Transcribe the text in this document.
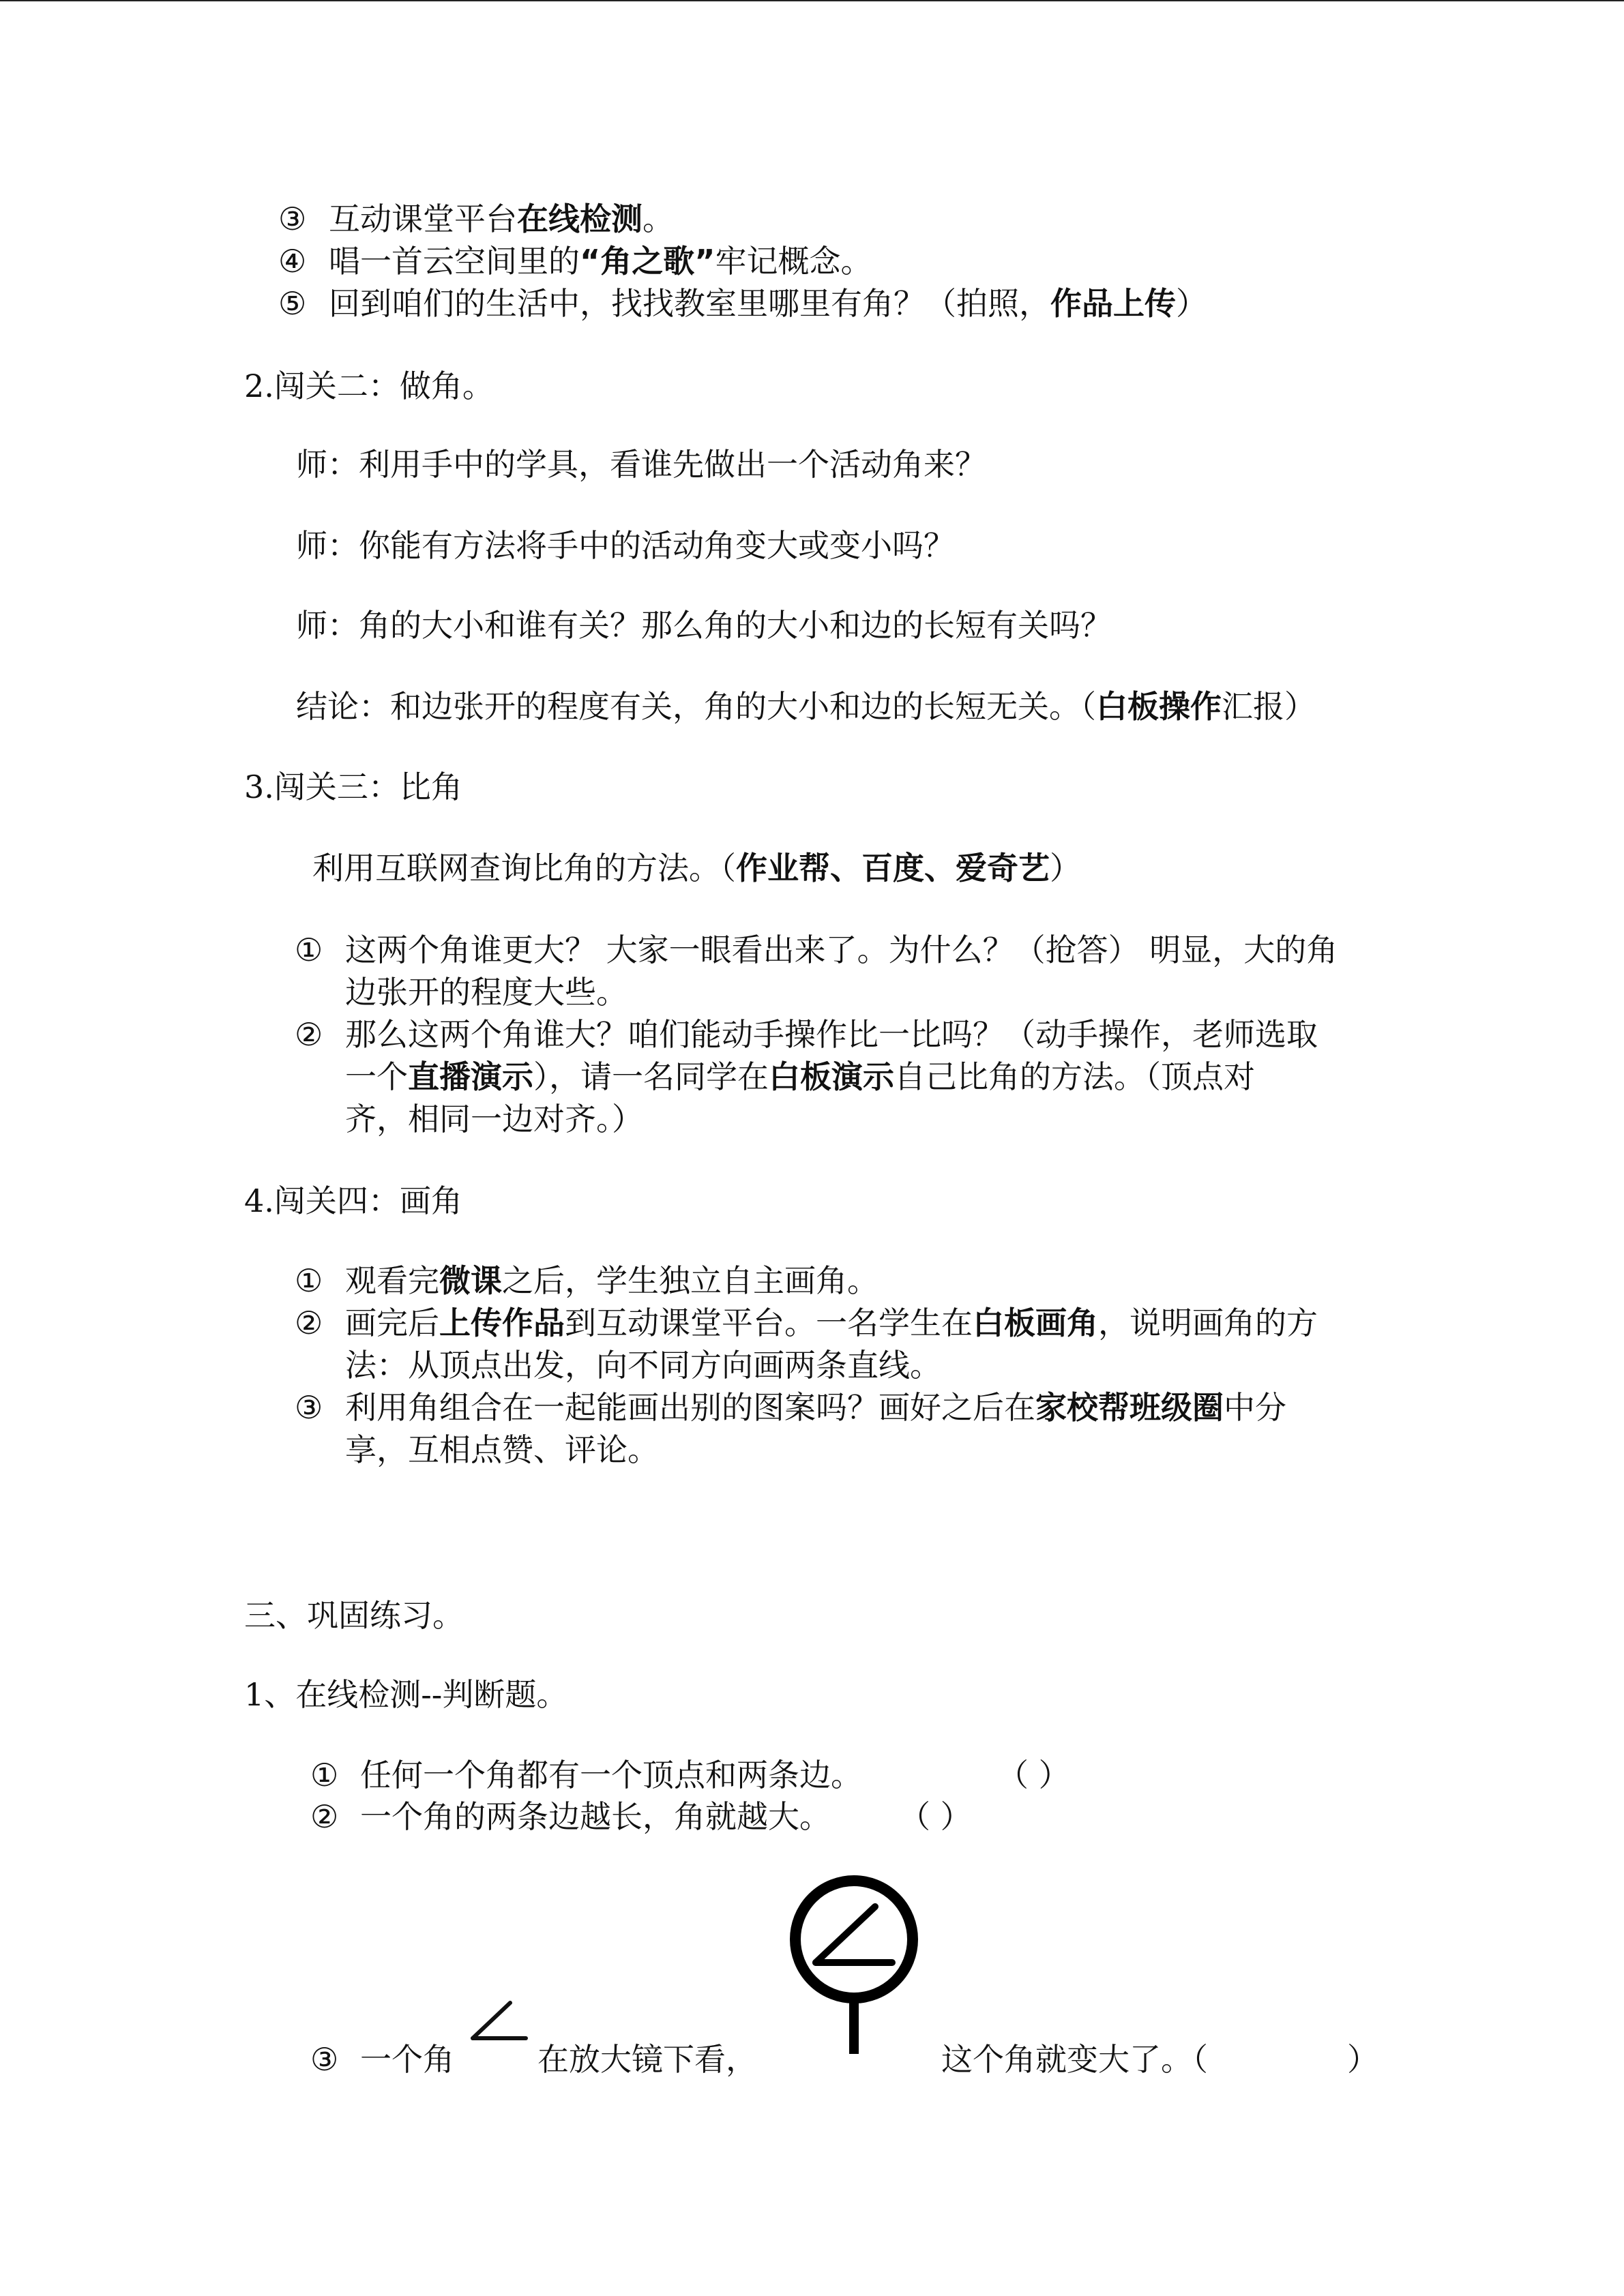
③ 互动课堂平台在线检测。
④ 唱一首云空间里的“角之歌”牢记概念。
⑤ 回到咱们的生活中，找找教室里哪里有角？（拍照，作品上传）
2.闯关二：做角。
师：利用手中的学具，看谁先做出一个活动角来？
师：你能有方法将手中的活动角变大或变小吗？
师：角的大小和谁有关？那么角的大小和边的长短有关吗？
结论：和边张开的程度有关，角的大小和边的长短无关。（白板操作汇报）
3.闯关三：比角
利用互联网查询比角的方法。（作业帮、百度、爱奇艺）
① 这两个角谁更大？ 大家一眼看出来了。为什么？（抢答） 明显，大的角
边张开的程度大些。
② 那么这两个角谁大？咱们能动手操作比一比吗？（动手操作，老师选取
一个直播演示），请一名同学在白板演示自己比角的方法。（顶点对
齐，相同一边对齐。）
4.闯关四：画角
① 观看完微课之后，学生独立自主画角。
② 画完后上传作品到互动课堂平台。一名学生在白板画角，说明画角的方
法：从顶点出发，向不同方向画两条直线。
③ 利用角组合在一起能画出别的图案吗？画好之后在家校帮班级圈中分
享，互相点赞、评论。
三、巩固练习。
1、在线检测--判断题。
① 任何一个角都有一个顶点和两条边。	（ ）
② 一个角的两条边越长，角就越大。 （ ）
③ 一个角	在放大镜下看，	这个角就变大了。（	）
